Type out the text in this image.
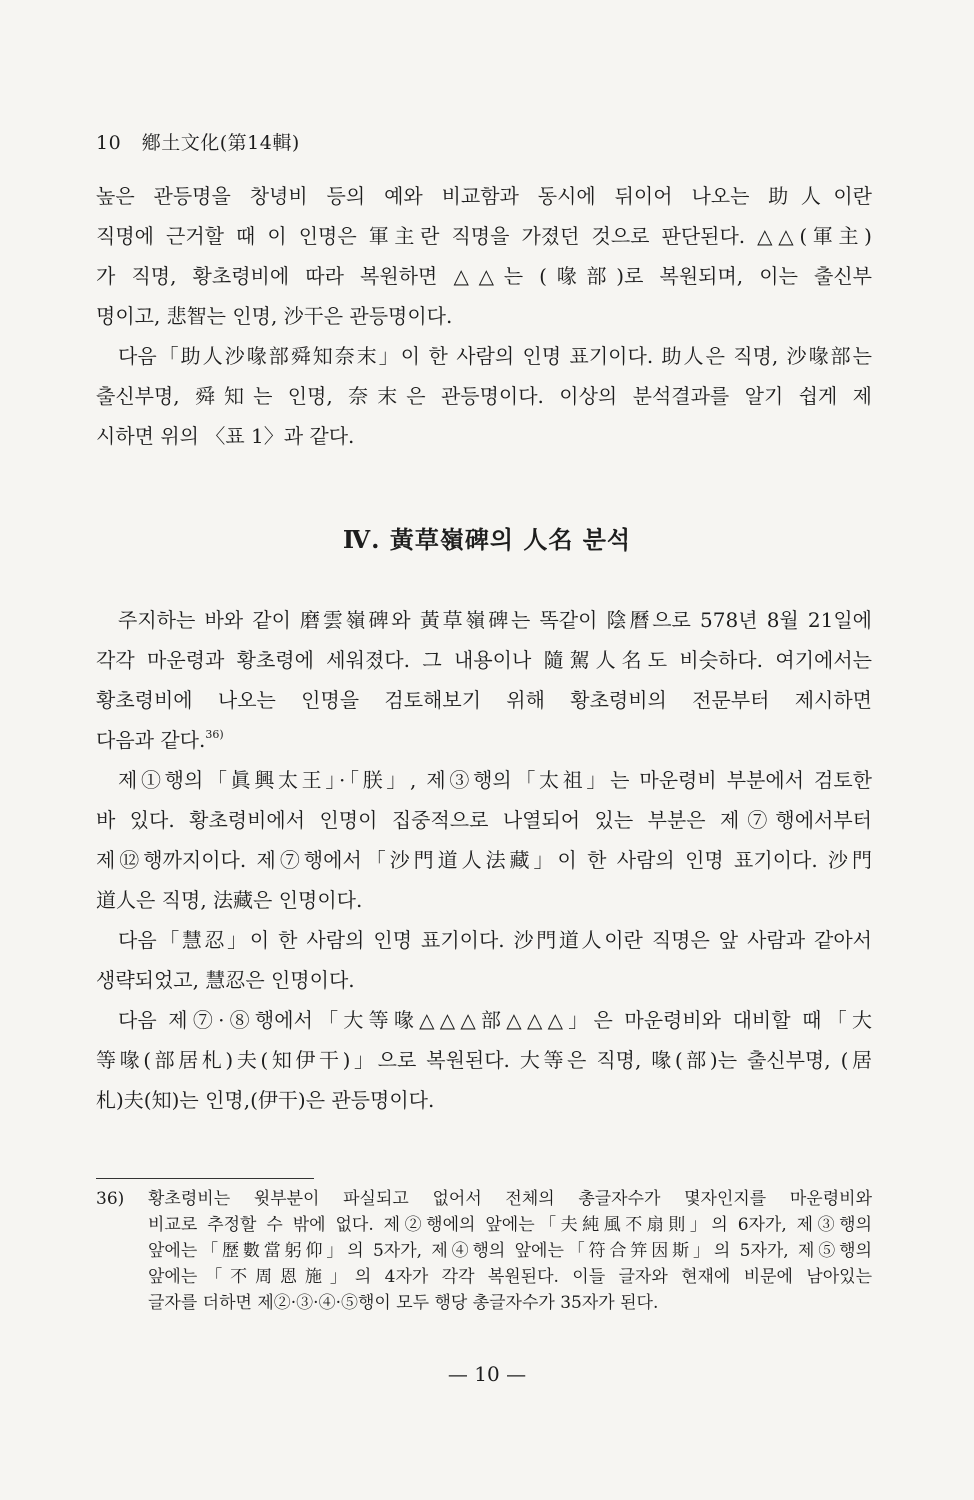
10 鄕土文化(第14輯)
높은 관등명을 창녕비 등의 예와 비교함과 동시에 뒤이어 나오는 助人이란
직명에 근거할 때 이 인명은 軍主란 직명을 가졌던 것으로 판단된다. △△(軍主)
가 직명, 황초령비에 따라 복원하면 △△는 (喙部)로 복원되며, 이는 출신부
명이고, 悲智는 인명, 沙干은 관등명이다.
다음「助人沙喙部舜知奈末」이 한 사람의 인명 표기이다. 助人은 직명, 沙喙部는
출신부명, 舜知는 인명, 奈末은 관등명이다. 이상의 분석결과를 알기 쉽게 제
시하면 위의 〈표 1〉과 같다.
Ⅳ. 黃草嶺碑의 人名 분석
주지하는 바와 같이 磨雲嶺碑와 黃草嶺碑는 똑같이 陰曆으로 578년 8월 21일에
각각 마운령과 황초령에 세워졌다. 그 내용이나 隨駕人名도 비슷하다. 여기에서는
황초령비에 나오는 인명을 검토해보기 위해 황초령비의 전문부터 제시하면
다음과 같다.$^{36)}$
제①행의「眞興太王」·「朕」, 제③행의「太祖」는 마운령비 부분에서 검토한
바 있다. 황초령비에서 인명이 집중적으로 나열되어 있는 부분은 제⑦행에서부터
제⑫행까지이다. 제⑦행에서「沙門道人法藏」이 한 사람의 인명 표기이다. 沙門
道人은 직명, 法藏은 인명이다.
다음「慧忍」이 한 사람의 인명 표기이다. 沙門道人이란 직명은 앞 사람과 같아서
생략되었고, 慧忍은 인명이다.
다음 제⑦·⑧행에서「大等喙△△△部△△△」은 마운령비와 대비할 때「大
等喙(部居札)夫(知伊干)」으로 복원된다. 大等은 직명, 喙(部)는 출신부명, (居
札)夫(知)는 인명,(伊干)은 관등명이다.
36) 황초령비는 윗부분이 파실되고 없어서 전체의 총글자수가 몇자인지를 마운령비와
비교로 추정할 수 밖에 없다. 제②행에의 앞에는「夫純風不扇則」의 6자가, 제③행의
앞에는「歷數當躬仰」의 5자가, 제④행의 앞에는「符合笄因斯」의 5자가, 제⑤행의
앞에는「不周恩施」의 4자가 각각 복원된다. 이들 글자와 현재에 비문에 남아있는
글자를 더하면 제②·③·④·⑤행이 모두 행당 총글자수가 35자가 된다.
— 10 —
